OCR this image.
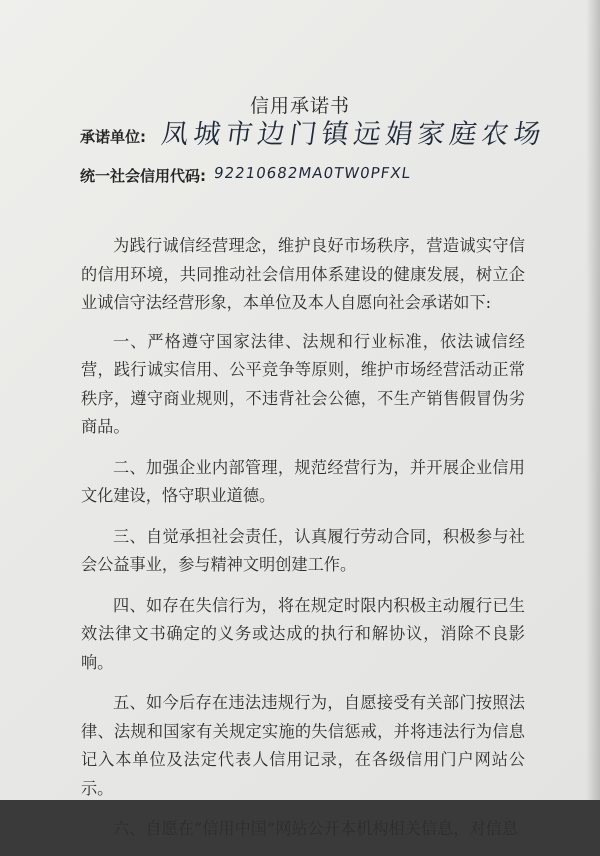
信用承诺书
承诺单位: 凤城市边门镇远娟家庭农场
统一社会信用代码: 92210682MA0TW0PFXL

为践行诚信经营理念，维护良好市场秩序，营造诚实守信的信用环境，共同推动社会信用体系建设的健康发展，树立企业诚信守法经营形象，本单位及本人自愿向社会承诺如下:

一、严格遵守国家法律、法规和行业标准，依法诚信经营，践行诚实信用、公平竞争等原则，维护市场经营活动正常秩序，遵守商业规则，不违背社会公德，不生产销售假冒伪劣商品。

二、加强企业内部管理，规范经营行为，并开展企业信用文化建设，恪守职业道德。

三、自觉承担社会责任，认真履行劳动合同，积极参与社会公益事业，参与精神文明创建工作。

四、如存在失信行为，将在规定时限内积极主动履行已生效法律文书确定的义务或达成的执行和解协议，消除不良影响。

五、如今后存在违法违规行为，自愿接受有关部门按照法律、法规和国家有关规定实施的失信惩戒，并将违法行为信息记入本单位及法定代表人信用记录，在各级信用门户网站公示。

六、自愿在“信用中国”网站公开本机构相关信息，对信息
